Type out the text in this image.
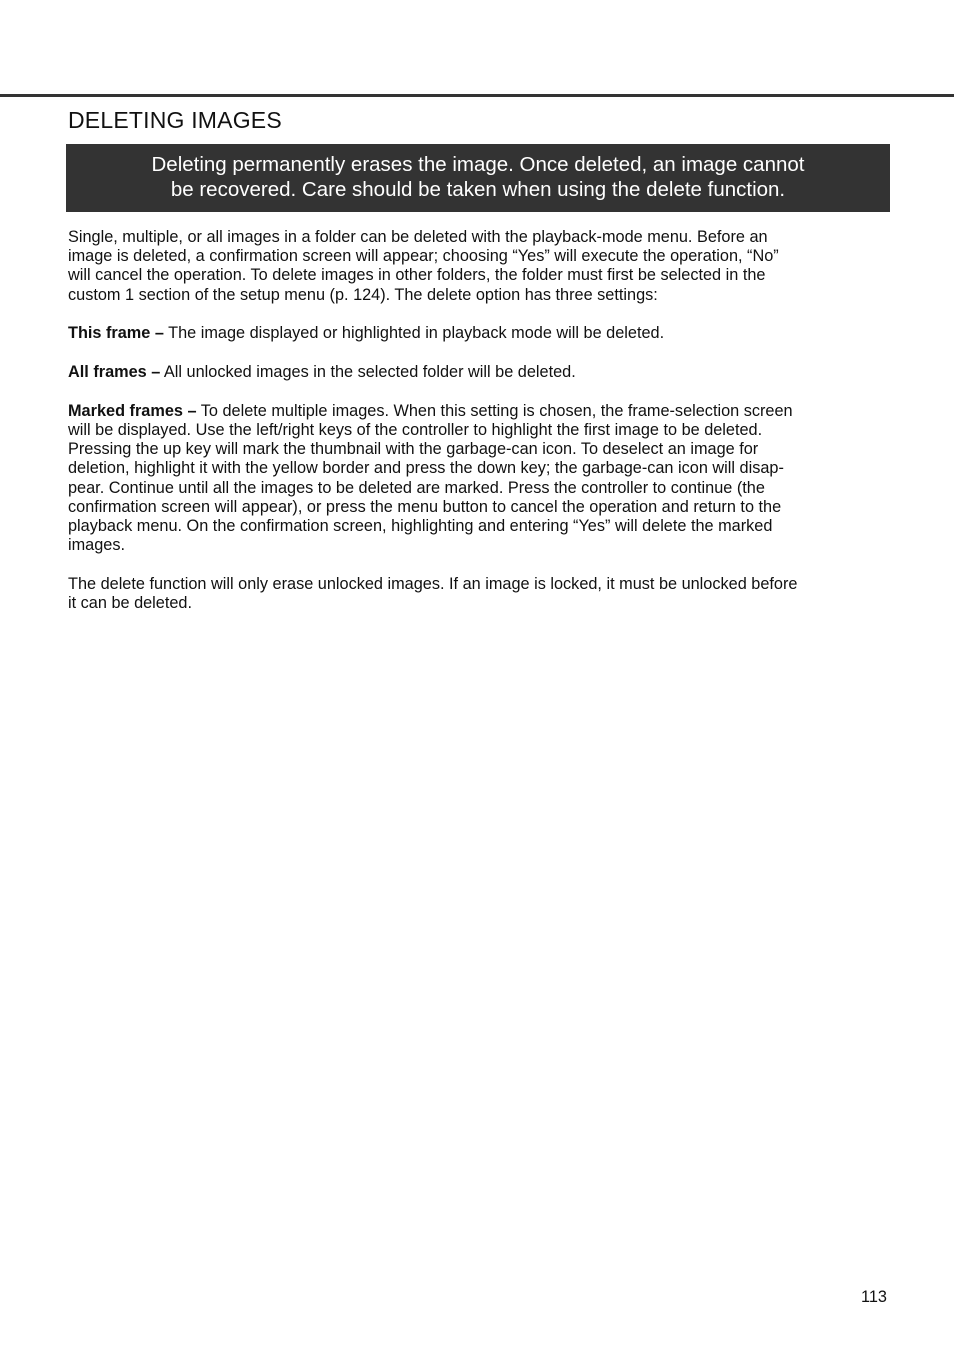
DELETING IMAGES
Deleting permanently erases the image. Once deleted, an image cannot
be recovered. Care should be taken when using the delete function.

Single, multiple, or all images in a folder can be deleted with the playback-mode menu. Before an
image is deleted, a confirmation screen will appear; choosing “Yes” will execute the operation, “No”
will cancel the operation. To delete images in other folders, the folder must first be selected in the
custom 1 section of the setup menu (p. 124). The delete option has three settings:

This frame – The image displayed or highlighted in playback mode will be deleted.

All frames – All unlocked images in the selected folder will be deleted.

Marked frames – To delete multiple images. When this setting is chosen, the frame-selection screen
will be displayed. Use the left/right keys of the controller to highlight the first image to be deleted.
Pressing the up key will mark the thumbnail with the garbage-can icon. To deselect an image for
deletion, highlight it with the yellow border and press the down key; the garbage-can icon will disap-
pear. Continue until all the images to be deleted are marked. Press the controller to continue (the
confirmation screen will appear), or press the menu button to cancel the operation and return to the
playback menu. On the confirmation screen, highlighting and entering “Yes” will delete the marked
images.

The delete function will only erase unlocked images. If an image is locked, it must be unlocked before
it can be deleted.

113
